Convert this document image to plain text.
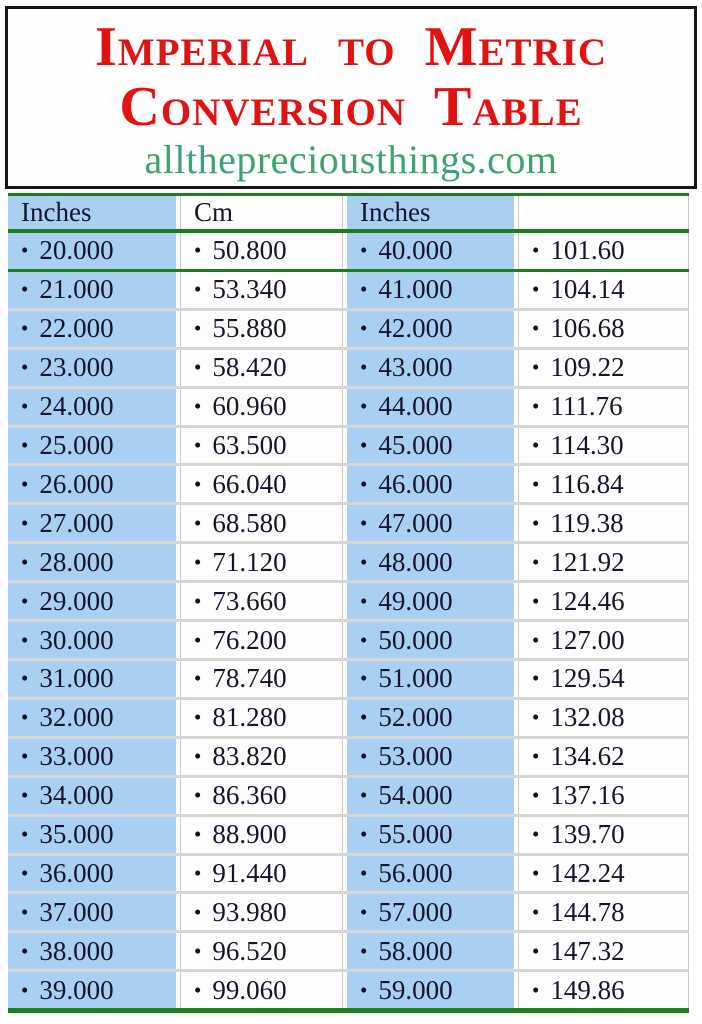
Imperial to Metric
Conversion Table
allthepreciousthings.com
Inches	Cm	Inches
• 20.000	• 50.800	• 40.000	• 101.60
• 21.000	• 53.340	• 41.000	• 104.14
• 22.000	• 55.880	• 42.000	• 106.68
• 23.000	• 58.420	• 43.000	• 109.22
• 24.000	• 60.960	• 44.000	• 111.76
• 25.000	• 63.500	• 45.000	• 114.30
• 26.000	• 66.040	• 46.000	• 116.84
• 27.000	• 68.580	• 47.000	• 119.38
• 28.000	• 71.120	• 48.000	• 121.92
• 29.000	• 73.660	• 49.000	• 124.46
• 30.000	• 76.200	• 50.000	• 127.00
• 31.000	• 78.740	• 51.000	• 129.54
• 32.000	• 81.280	• 52.000	• 132.08
• 33.000	• 83.820	• 53.000	• 134.62
• 34.000	• 86.360	• 54.000	• 137.16
• 35.000	• 88.900	• 55.000	• 139.70
• 36.000	• 91.440	• 56.000	• 142.24
• 37.000	• 93.980	• 57.000	• 144.78
• 38.000	• 96.520	• 58.000	• 147.32
• 39.000	• 99.060	• 59.000	• 149.86
